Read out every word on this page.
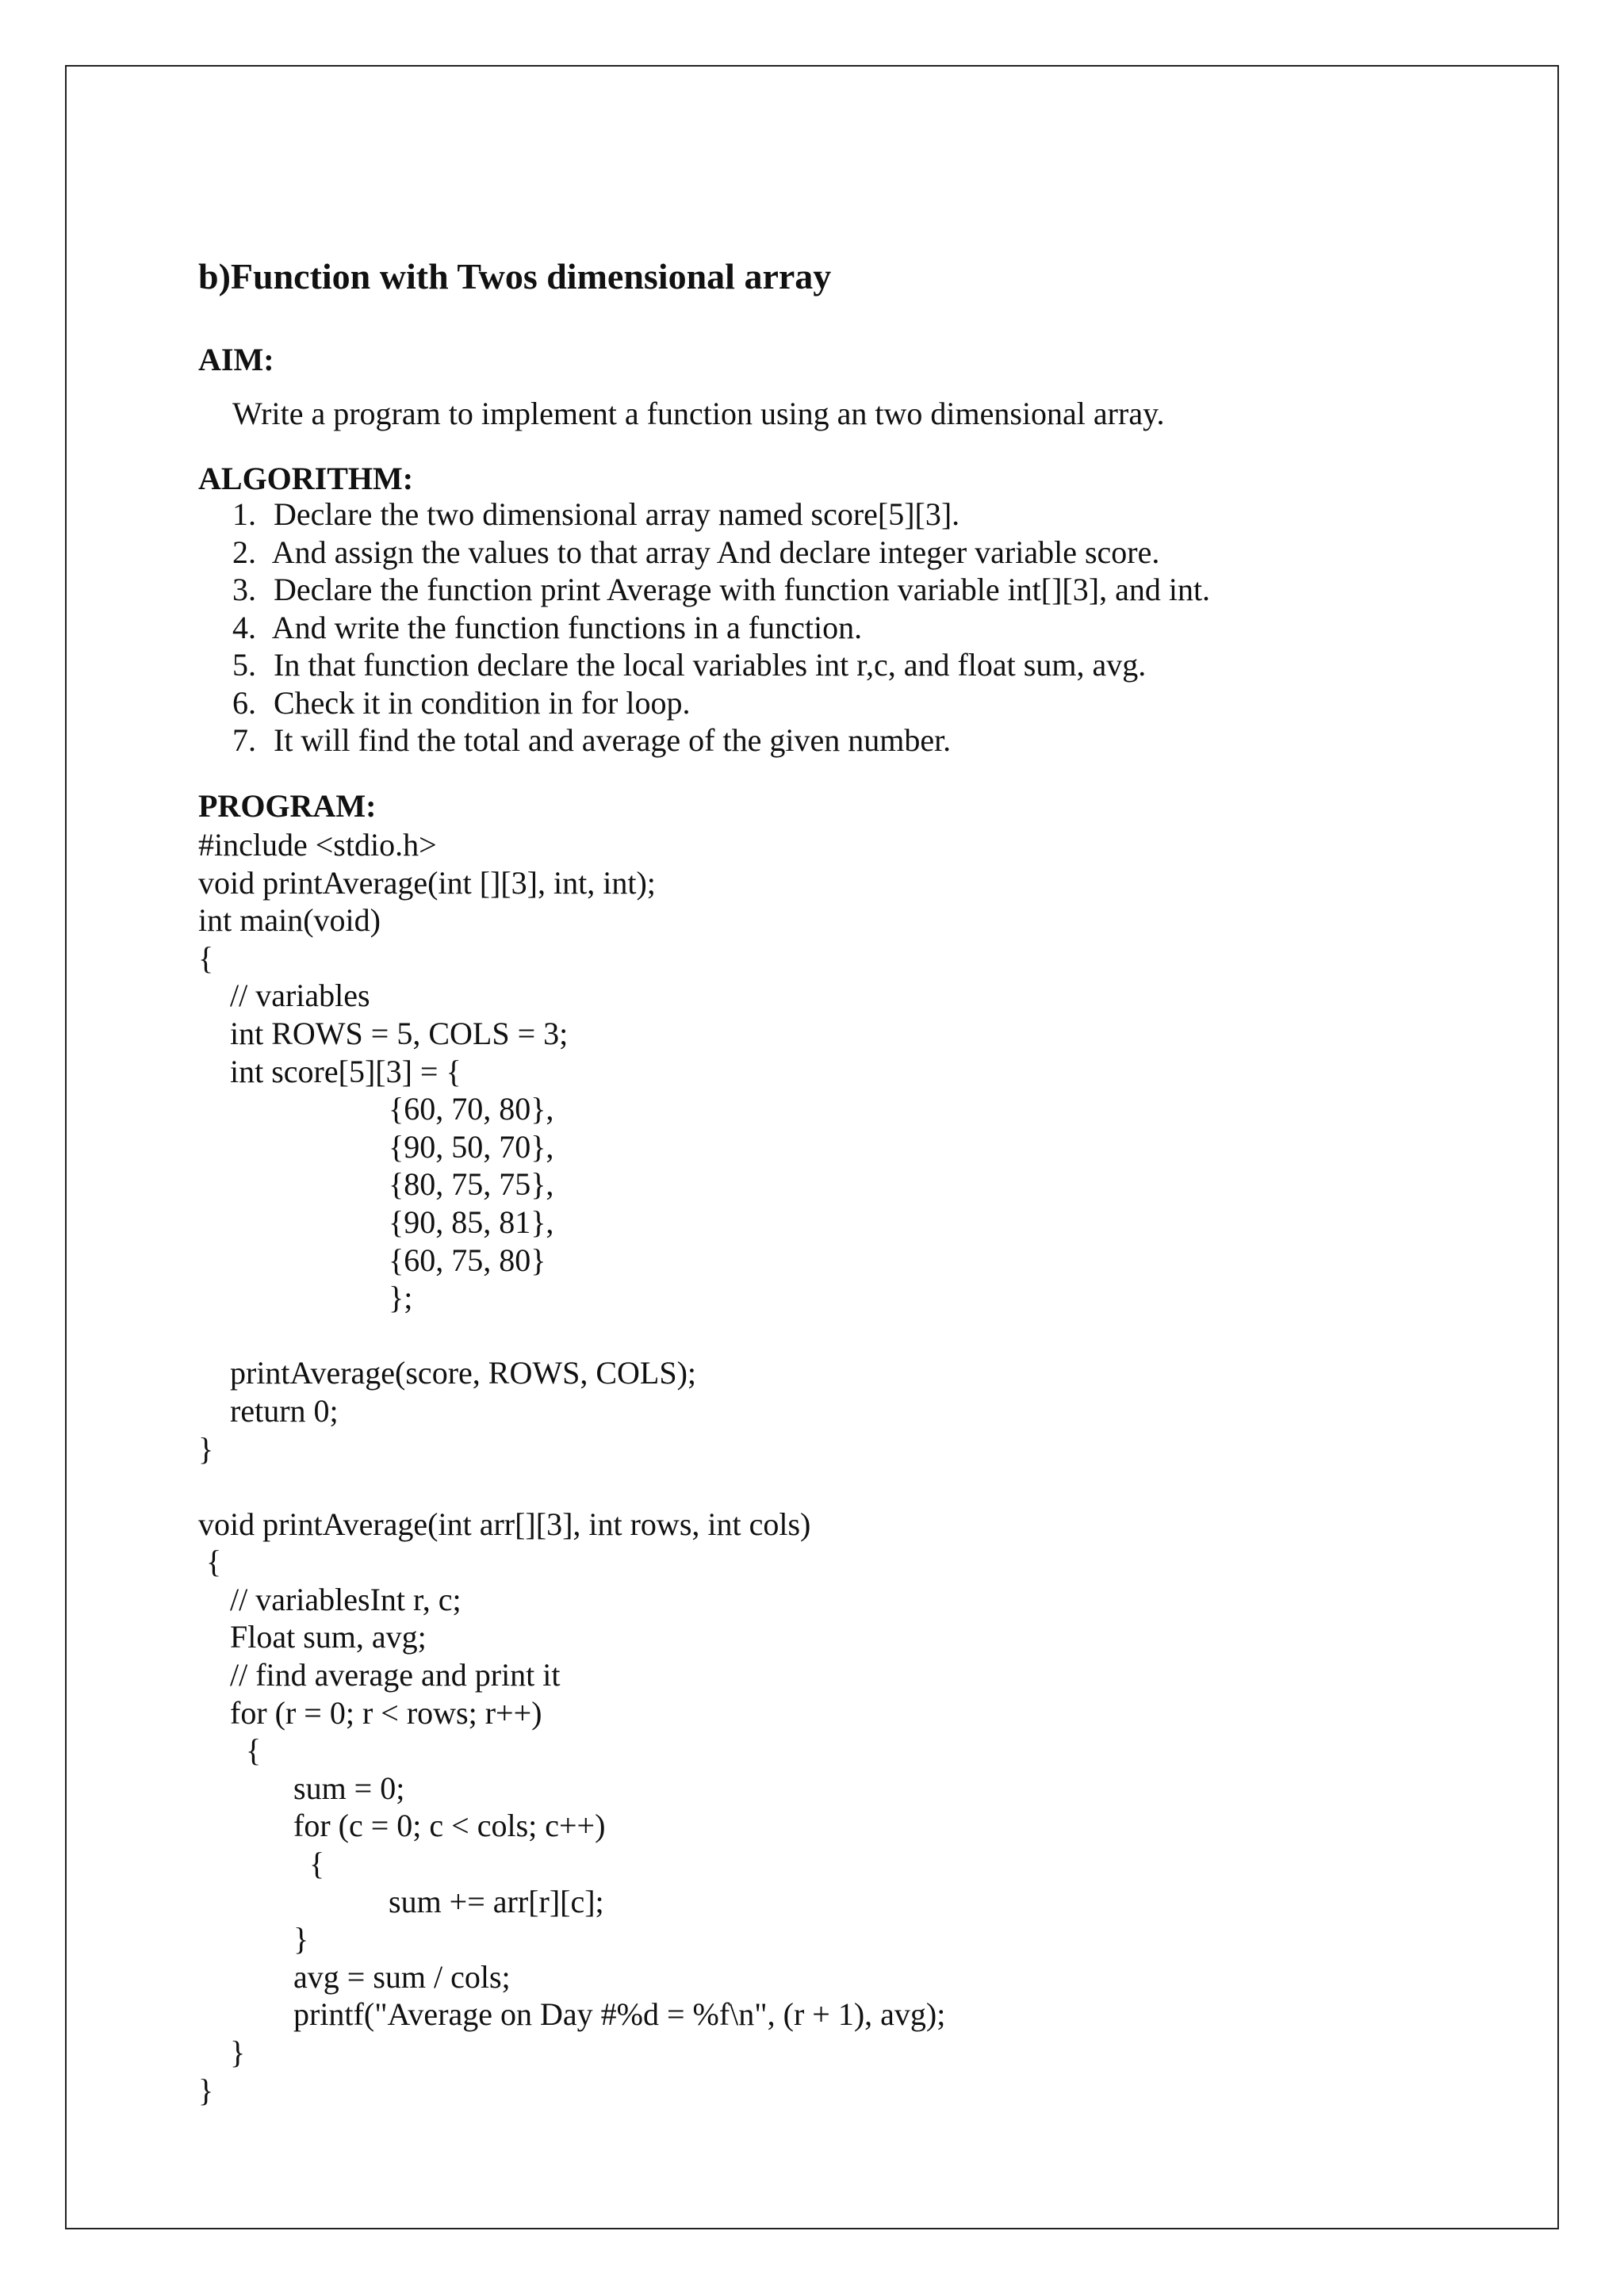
b)Function with Twos dimensional array
AIM:

Write a program to implement a function using an two dimensional array.

ALGORITHM:
1. Declare the two dimensional array named score[5][3].
2. And assign the values to that array And declare integer variable score.
3. Declare the function print Average with function variable int[][3], and int.
4. And write the function functions in a function.
5. In that function declare the local variables int r,c, and float sum, avg.
6. Check it in condition in for loop.
7. It will find the total and average of the given number.
PROGRAM:
#include <stdio.h>
void printAverage(int [][3], int, int);
int main(void)
{
// variables
int ROWS = 5, COLS = 3;
int score[5][3] = {
{60, 70, 80},
{90, 50, 70},
{80, 75, 75},
{90, 85, 81},
{60, 75, 80}
};
printAverage(score, ROWS, COLS);
return 0;
}
void printAverage(int arr[][3], int rows, int cols)
{
// variablesInt r, c;
Float sum, avg;
// find average and print it
for (r = 0; r < rows; r++)
{
sum = 0;
for (c = 0; c < cols; c++)
{
sum += arr[r][c];
}
avg = sum / cols;
printf("Average on Day #%d = %f\n", (r + 1), avg);
}
}
